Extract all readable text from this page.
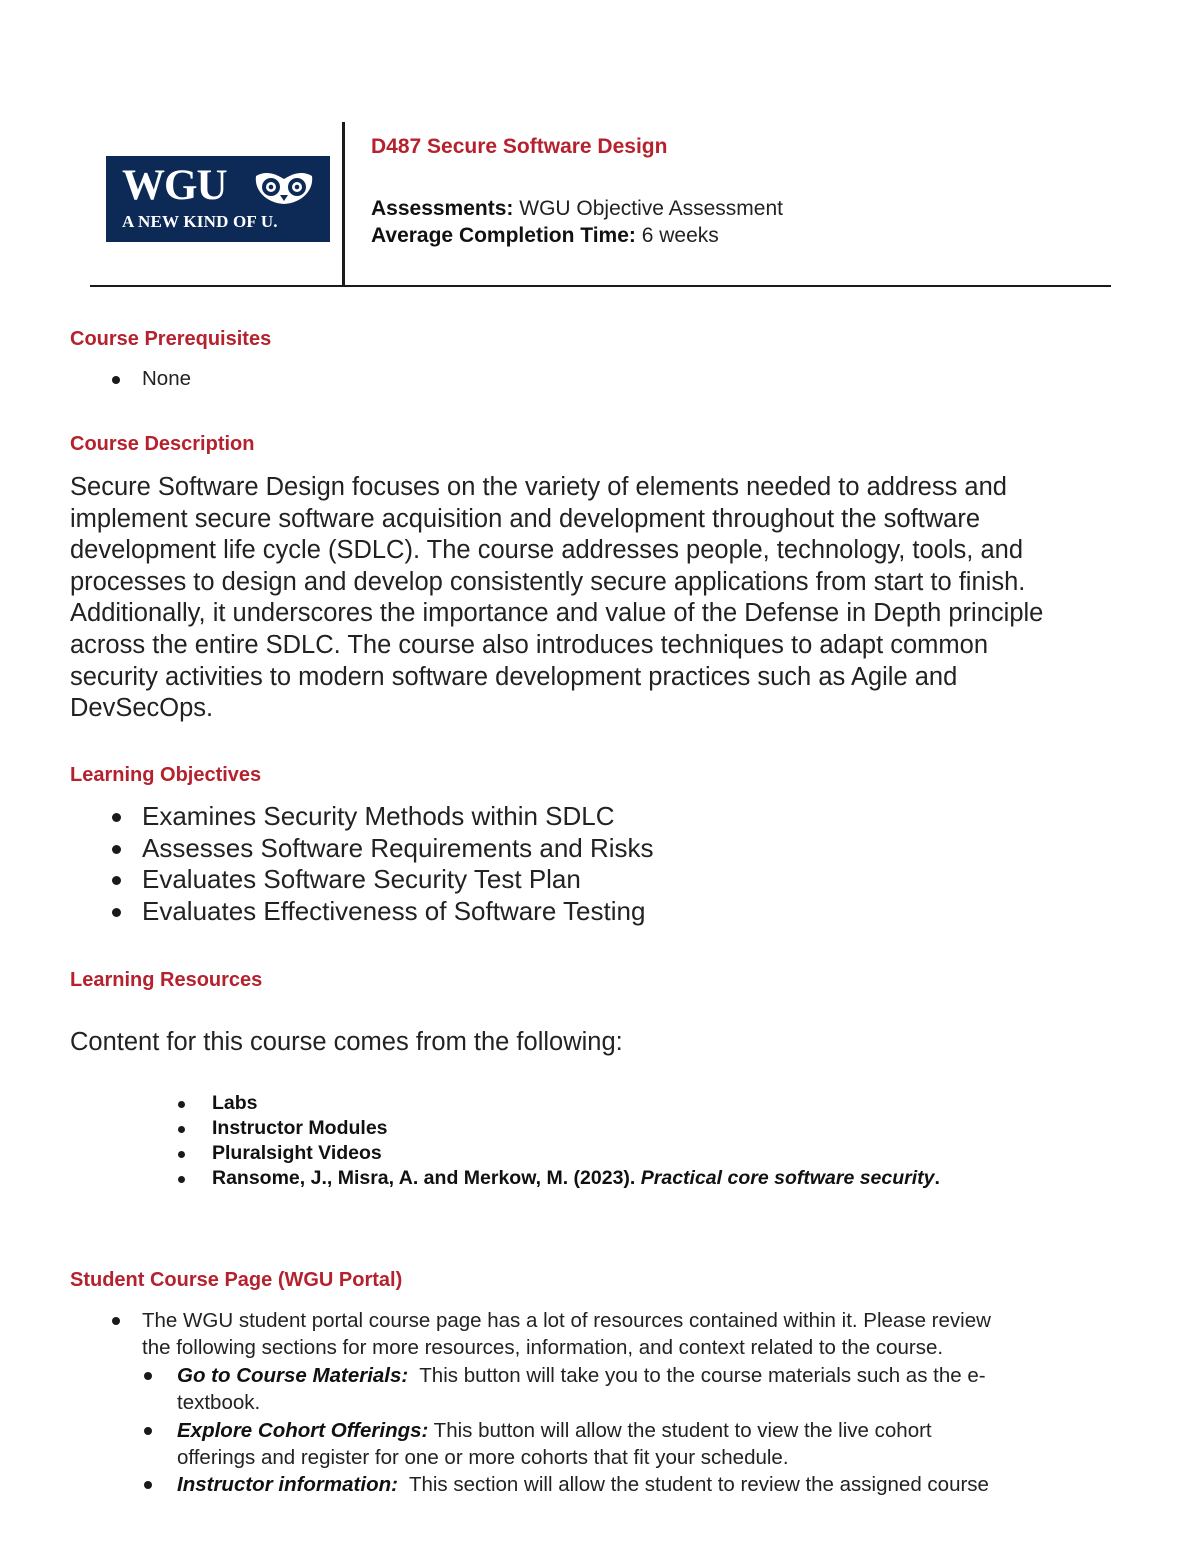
WGU
A NEW KIND OF U.
D487 Secure Software Design
Assessments: WGU Objective Assessment
Average Completion Time: 6 weeks
Course Prerequisites
None
Course Description
Secure Software Design focuses on the variety of elements needed to address and
implement secure software acquisition and development throughout the software
development life cycle (SDLC). The course addresses people, technology, tools, and
processes to design and develop consistently secure applications from start to finish.
Additionally, it underscores the importance and value of the Defense in Depth principle
across the entire SDLC. The course also introduces techniques to adapt common
security activities to modern software development practices such as Agile and
DevSecOps.
Learning Objectives
Examines Security Methods within SDLC
Assesses Software Requirements and Risks
Evaluates Software Security Test Plan
Evaluates Effectiveness of Software Testing
Learning Resources
Content for this course comes from the following:
Labs
Instructor Modules
Pluralsight Videos
Ransome, J., Misra, A. and Merkow, M. (2023). Practical core software security.
Student Course Page (WGU Portal)
The WGU student portal course page has a lot of resources contained within it. Please review
the following sections for more resources, information, and context related to the course.
Go to Course Materials:  This button will take you to the course materials such as the e-
textbook.
Explore Cohort Offerings: This button will allow the student to view the live cohort
offerings and register for one or more cohorts that fit your schedule.
Instructor information:  This section will allow the student to review the assigned course
